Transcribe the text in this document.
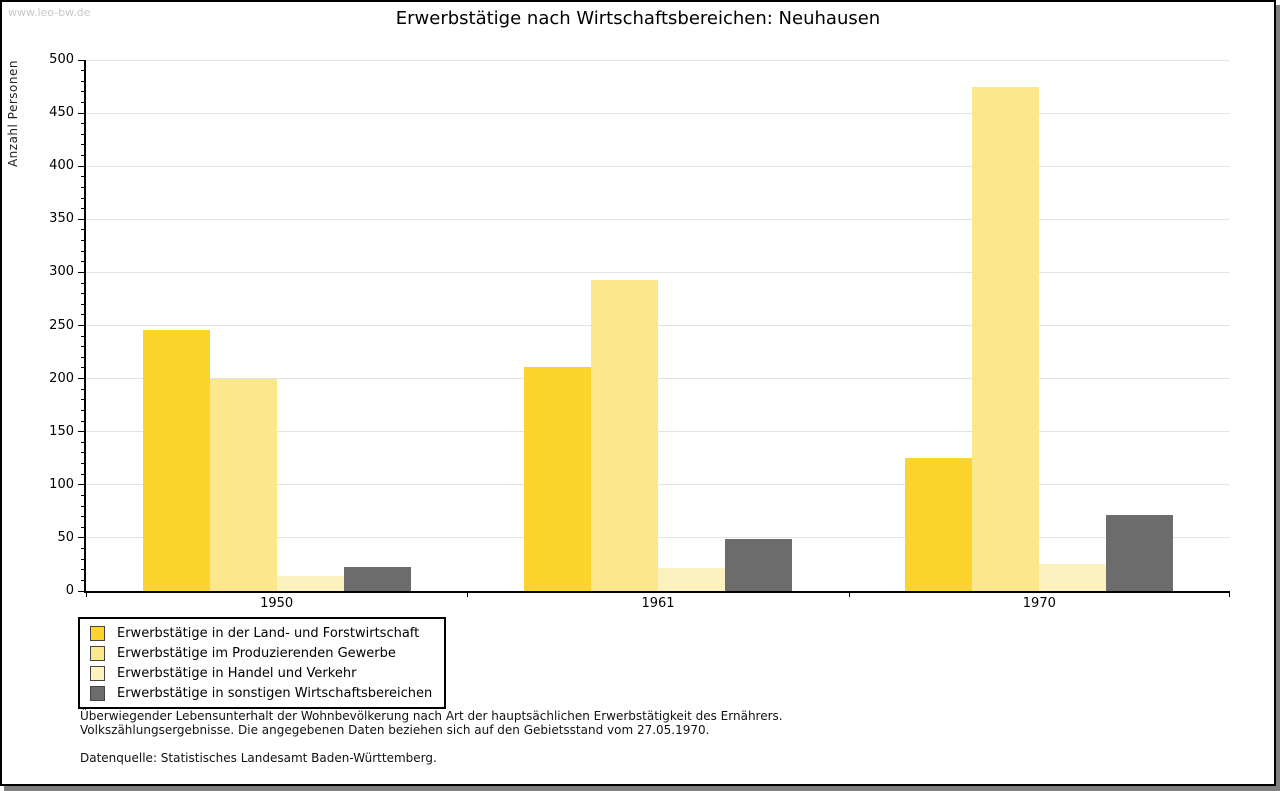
www.leo-bw.de	Erwerbstätige nach Wirtschaftsbereichen: Neuhausen
Anzahl Personen
0
50
100
150
200
250
300
350
400
450
500
1950	1961	1970
Erwerbstätige in der Land- und Forstwirtschaft
Erwerbstätige im Produzierenden Gewerbe
Erwerbstätige in Handel und Verkehr
Erwerbstätige in sonstigen Wirtschaftsbereichen
Überwiegender Lebensunterhalt der Wohnbevölkerung nach Art der hauptsächlichen Erwerbstätigkeit des Ernährers.
Volkszählungsergebnisse. Die angegebenen Daten beziehen sich auf den Gebietsstand vom 27.05.1970.
Datenquelle: Statistisches Landesamt Baden-Württemberg.
